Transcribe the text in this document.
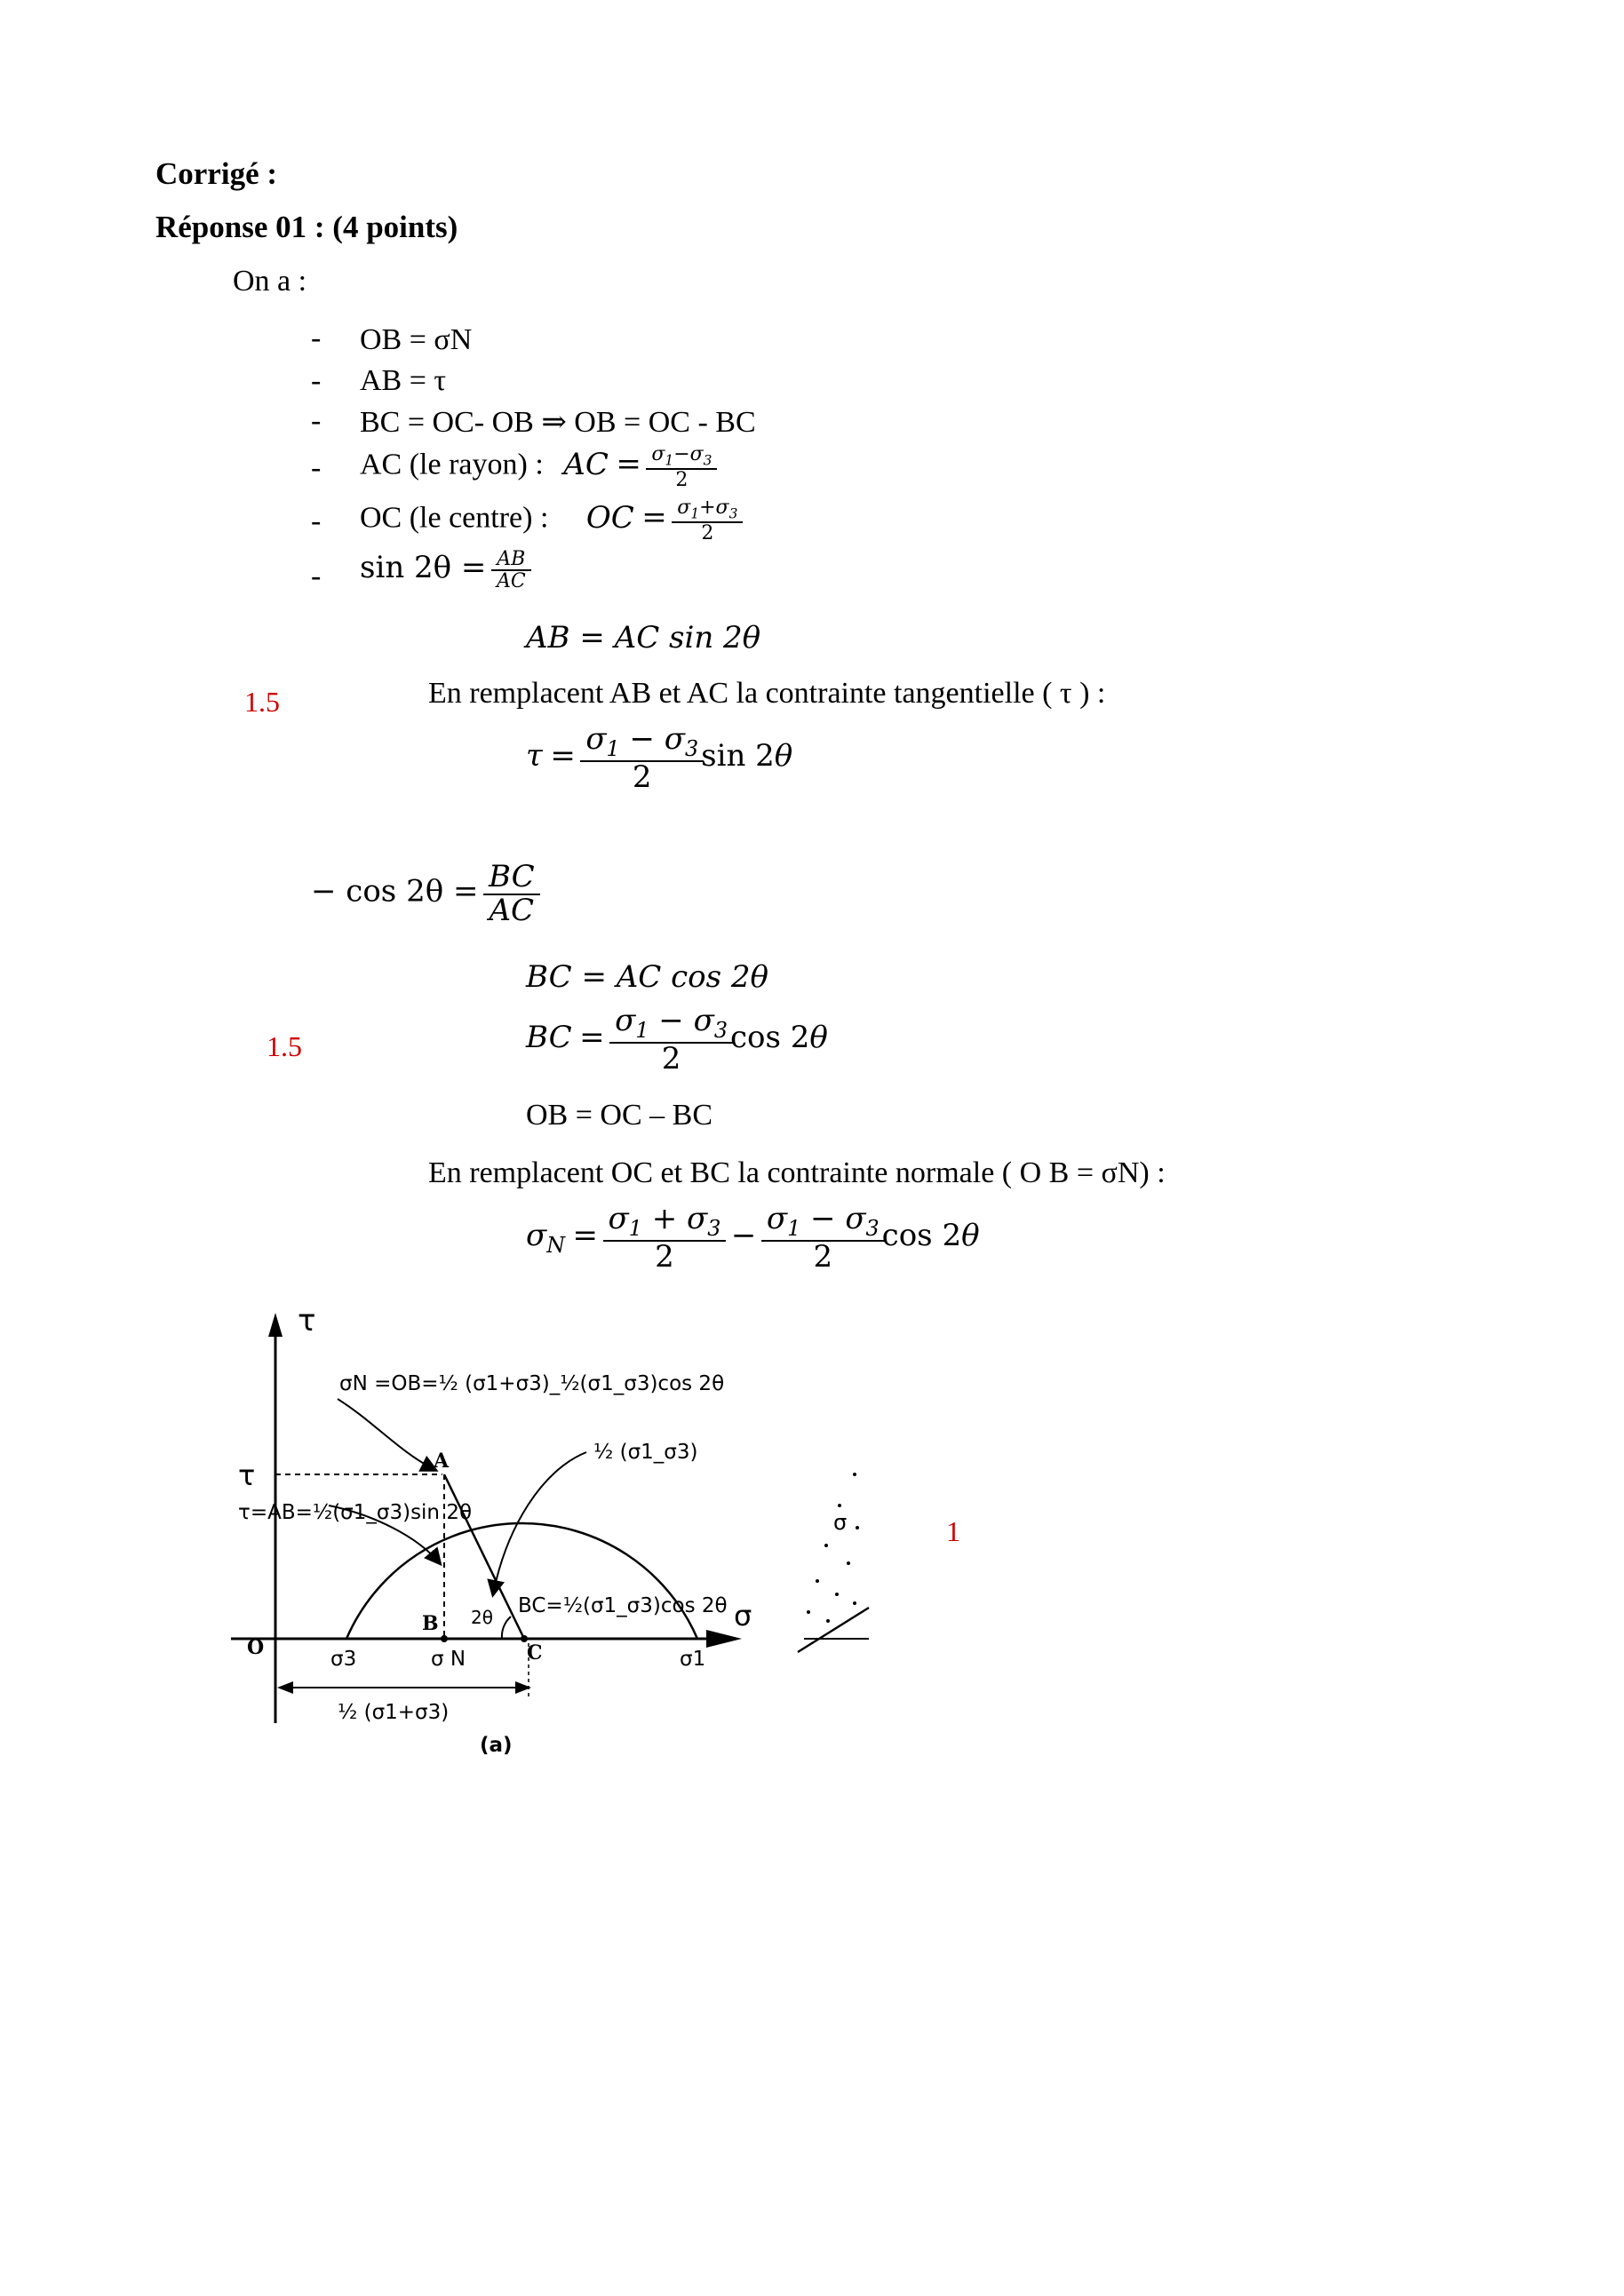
Corrigé :
Réponse 01 : (4 points)
On a :
- OB = σN
- AB = τ
- BC = OC- OB ⇒ OB = OC - BC
- AC (le rayon) : AC = $\frac{\sigma_1-\sigma_3}{2}$
- OC (le centre) : OC = $\frac{\sigma_1+\sigma_3}{2}$
- $\sin 2\theta = \frac{AB}{AC}$
AB = AC sin 2θ
1.5	En remplacent AB et AC la contrainte tangentielle ( τ ) :
$\tau = \frac{\sigma_1 - \sigma_3}{2}$ sin 2θ
− $\cos 2\theta = \frac{BC}{AC}$
BC = AC cos 2θ
1.5	BC = $\frac{\sigma_1 - \sigma_3}{2}$ cos 2θ
OB = OC – BC
En remplacent OC et BC la contrainte normale ( O B = σN) :
$\sigma_N = \frac{\sigma_1 + \sigma_3}{2} - \frac{\sigma_1 - \sigma_3}{2}$ cos 2θ
1
τ
σ
O
A
B
C
τ
σN =OB=½ (σ1+σ3)_½(σ1_σ3)cos 2θ
½ (σ1_σ3)
τ=AB=½(σ1_σ3)sin 2θ
BC=½(σ1_σ3)cos 2θ
2θ
σ3	σ N	σ1
½ (σ1+σ3)
(a)
σ
